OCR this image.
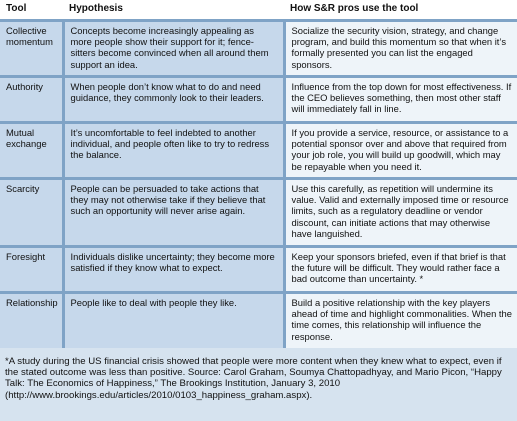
Tool	Hypothesis	How S&R pros use the tool
Collective momentum	Concepts become increasingly appealing as more people show their support for it; fence-sitters become convinced when all around them support an idea.	Socialize the security vision, strategy, and change program, and build this momentum so that when it’s formally presented you can list the engaged sponsors.
Authority	When people don’t know what to do and need guidance, they commonly look to their leaders.	Influence from the top down for most effectiveness. If the CEO believes something, then most other staff will immediately fall in line.
Mutual exchange	It’s uncomfortable to feel indebted to another individual, and people often like to try to redress the balance.	If you provide a service, resource, or assistance to a potential sponsor over and above that required from your job role, you will build up goodwill, which may be repayable when you need it.
Scarcity	People can be persuaded to take actions that they may not otherwise take if they believe that such an opportunity will never arise again.	Use this carefully, as repetition will undermine its value. Valid and externally imposed time or resource limits, such as a regulatory deadline or vendor discount, can initiate actions that may otherwise have languished.
Foresight	Individuals dislike uncertainty; they become more satisfied if they know what to expect.	Keep your sponsors briefed, even if that brief is that the future will be difficult. They would rather face a bad outcome than uncertainty. *
Relationship	People like to deal with people they like.	Build a positive relationship with the key players ahead of time and highlight commonalities. When the time comes, this relationship will influence the response.
*A study during the US financial crisis showed that people were more content when they knew what to expect, even if the stated outcome was less than positive. Source: Carol Graham, Soumya Chattopadhyay, and Mario Picon, “Happy Talk: The Economics of Happiness,” The Brookings Institution, January 3, 2010 (http://www.brookings.edu/articles/2010/0103_happiness_graham.aspx).
